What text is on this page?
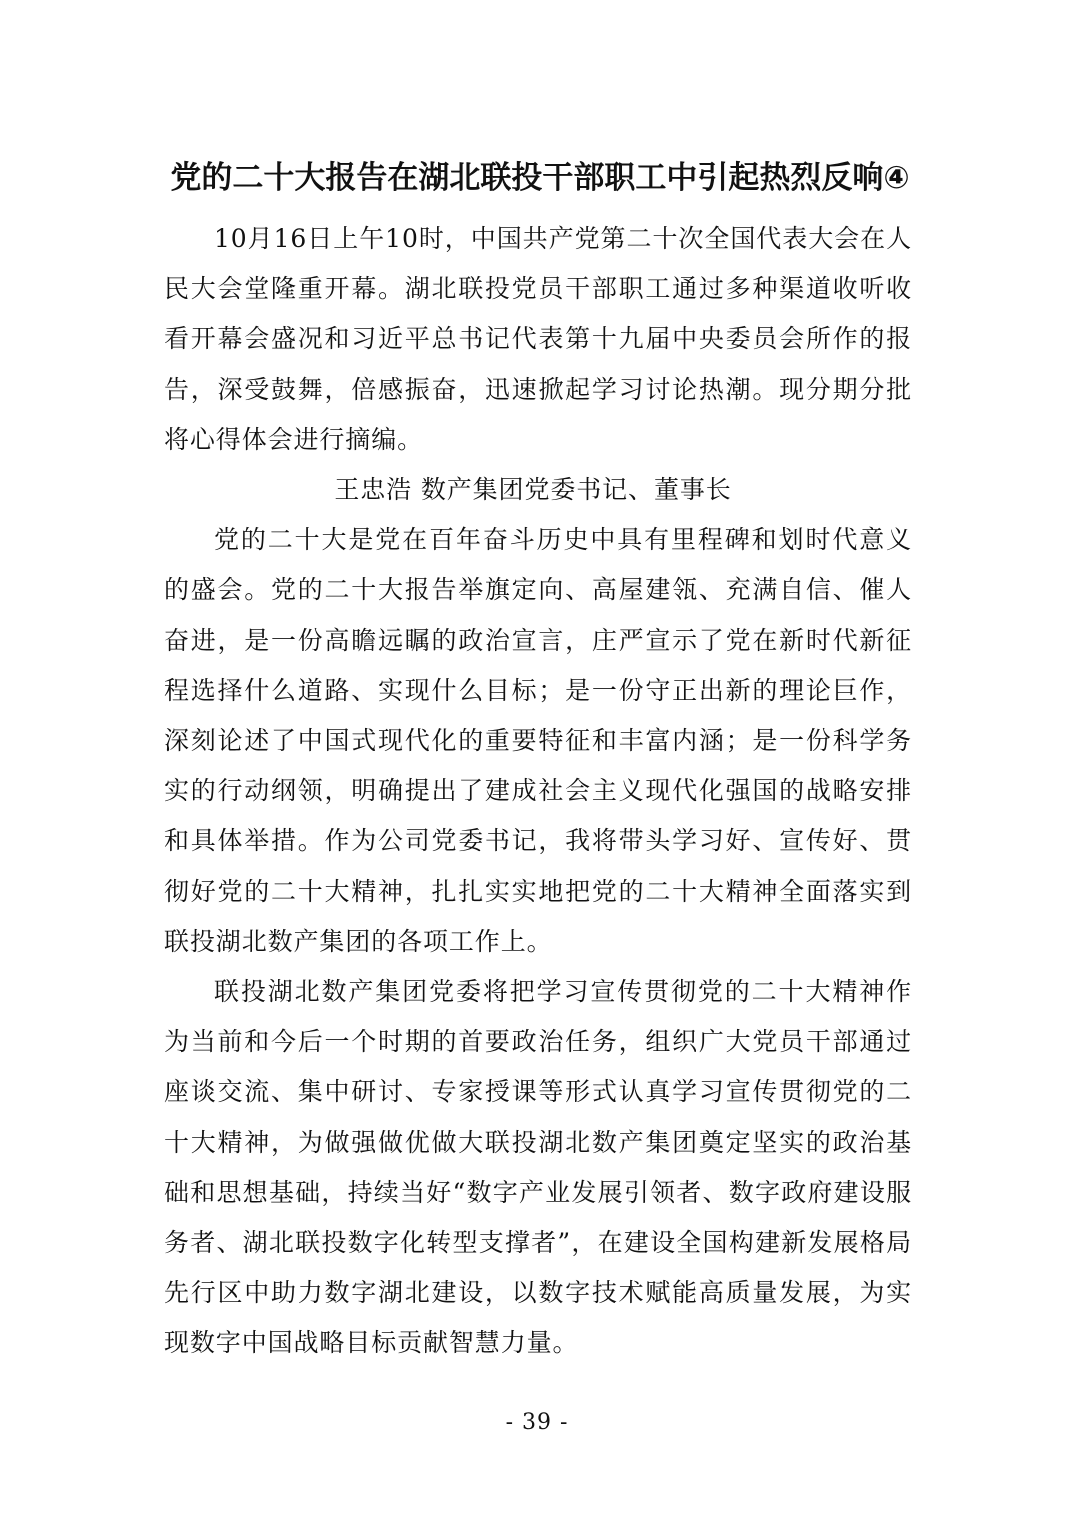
党的二十大报告在湖北联投干部职工中引起热烈反响④

10月16日上午10时，中国共产党第二十次全国代表大会在人民大会堂隆重开幕。湖北联投党员干部职工通过多种渠道收听收看开幕会盛况和习近平总书记代表第十九届中央委员会所作的报告，深受鼓舞，倍感振奋，迅速掀起学习讨论热潮。现分期分批将心得体会进行摘编。

王忠浩 数产集团党委书记、董事长

党的二十大是党在百年奋斗历史中具有里程碑和划时代意义的盛会。党的二十大报告举旗定向、高屋建瓴、充满自信、催人奋进，是一份高瞻远瞩的政治宣言，庄严宣示了党在新时代新征程选择什么道路、实现什么目标；是一份守正出新的理论巨作，深刻论述了中国式现代化的重要特征和丰富内涵；是一份科学务实的行动纲领，明确提出了建成社会主义现代化强国的战略安排和具体举措。作为公司党委书记，我将带头学习好、宣传好、贯彻好党的二十大精神，扎扎实实地把党的二十大精神全面落实到联投湖北数产集团的各项工作上。

联投湖北数产集团党委将把学习宣传贯彻党的二十大精神作为当前和今后一个时期的首要政治任务，组织广大党员干部通过座谈交流、集中研讨、专家授课等形式认真学习宣传贯彻党的二十大精神，为做强做优做大联投湖北数产集团奠定坚实的政治基础和思想基础，持续当好“数字产业发展引领者、数字政府建设服务者、湖北联投数字化转型支撑者”，在建设全国构建新发展格局先行区中助力数字湖北建设，以数字技术赋能高质量发展，为实现数字中国战略目标贡献智慧力量。

- 39 -
